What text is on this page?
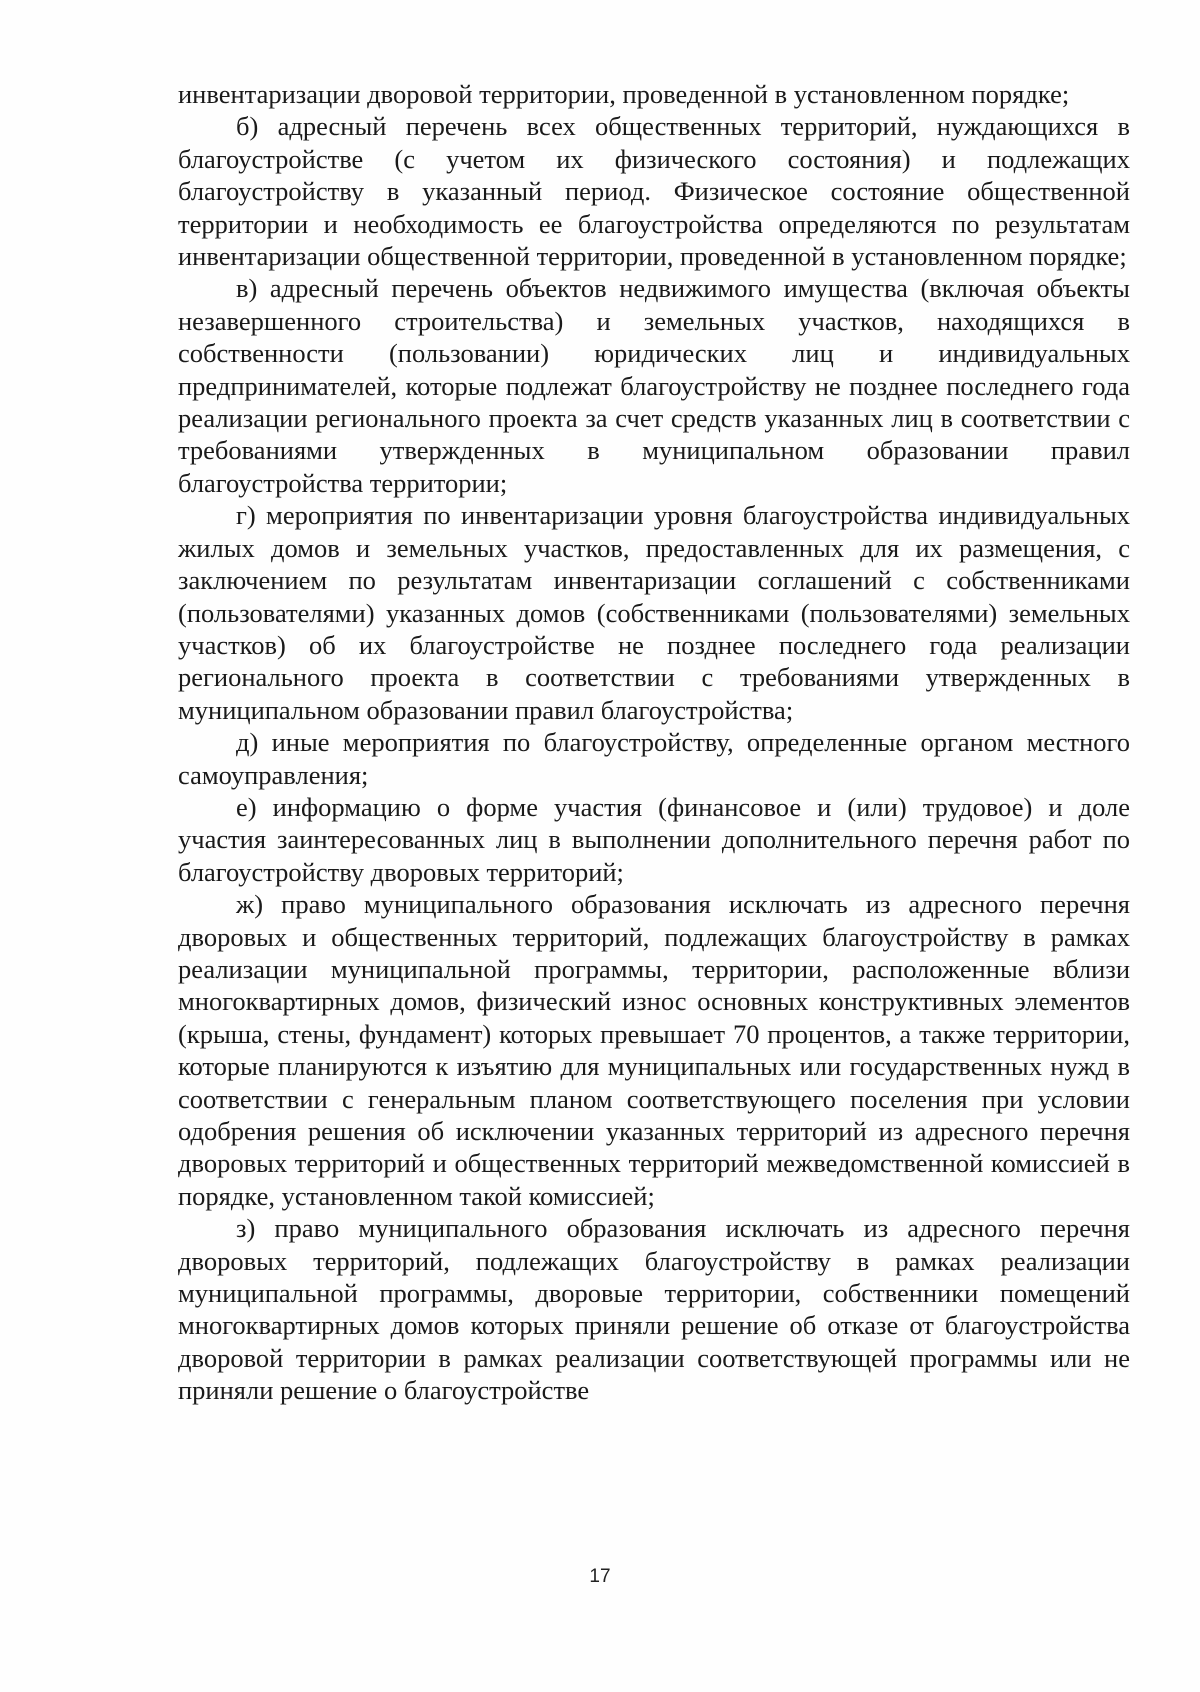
инвентаризации дворовой территории, проведенной в установленном порядке;

б) адресный перечень всех общественных территорий, нуждающихся в благоустройстве (с учетом их физического состояния) и подлежащих благоустройству в указанный период. Физическое состояние общественной территории и необходимость ее благоустройства определяются по результатам инвентаризации общественной территории, проведенной в установленном порядке;

в) адресный перечень объектов недвижимого имущества (включая объекты незавершенного строительства) и земельных участков, находящихся в собственности (пользовании) юридических лиц и индивидуальных предпринимателей, которые подлежат благоустройству не позднее последнего года реализации регионального проекта за счет средств указанных лиц в соответствии с требованиями утвержденных в муниципальном образовании правил благоустройства территории;

г) мероприятия по инвентаризации уровня благоустройства индивидуальных жилых домов и земельных участков, предоставленных для их размещения, с заключением по результатам инвентаризации соглашений с собственниками (пользователями) указанных домов (собственниками (пользователями) земельных участков) об их благоустройстве не позднее последнего года реализации регионального проекта в соответствии с требованиями утвержденных в муниципальном образовании правил благоустройства;

д) иные мероприятия по благоустройству, определенные органом местного самоуправления;

е) информацию о форме участия (финансовое и (или) трудовое) и доле участия заинтересованных лиц в выполнении дополнительного перечня работ по благоустройству дворовых территорий;

ж) право муниципального образования исключать из адресного перечня дворовых и общественных территорий, подлежащих благоустройству в рамках реализации муниципальной программы, территории, расположенные вблизи многоквартирных домов, физический износ основных конструктивных элементов (крыша, стены, фундамент) которых превышает 70 процентов, а также территории, которые планируются к изъятию для муниципальных или государственных нужд в соответствии с генеральным планом соответствующего поселения при условии одобрения решения об исключении указанных территорий из адресного перечня дворовых территорий и общественных территорий межведомственной комиссией в порядке, установленном такой комиссией;

з) право муниципального образования исключать из адресного перечня дворовых территорий, подлежащих благоустройству в рамках реализации муниципальной программы, дворовые территории, собственники помещений многоквартирных домов которых приняли решение об отказе от благоустройства дворовой территории в рамках реализации соответствующей программы или не приняли решение о благоустройстве

17
